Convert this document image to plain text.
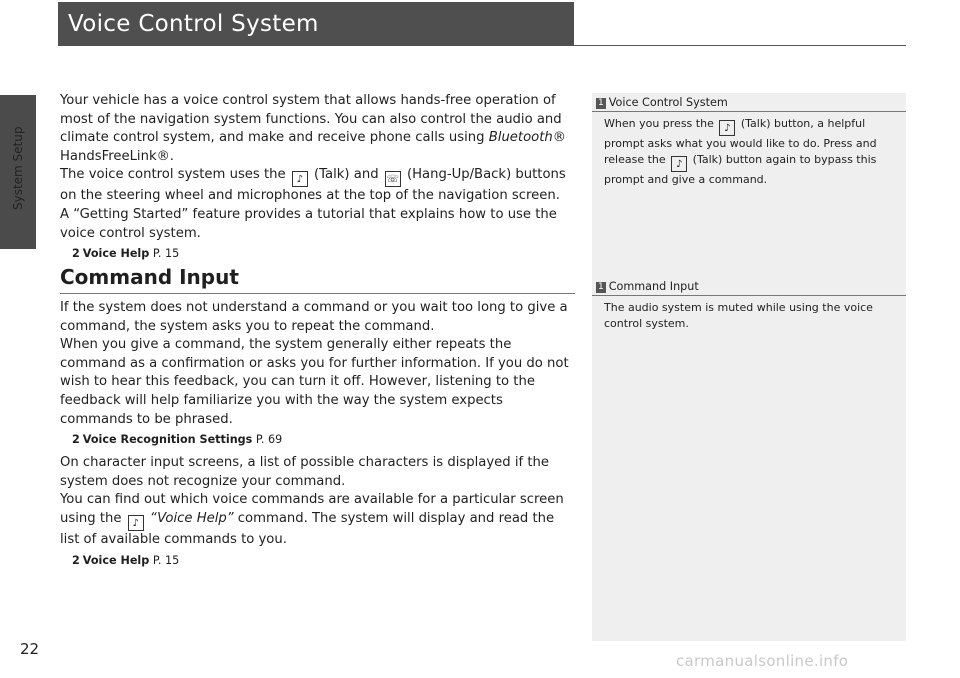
System Setup
Voice Control System

Your vehicle has a voice control system that allows hands-free operation of most of the navigation system functions. You can also control the audio and climate control system, and make and receive phone calls using Bluetooth® HandsFreeLink®.

The voice control system uses the ♪ (Talk) and ☏ (Hang-Up/Back) buttons on the steering wheel and microphones at the top of the navigation screen.

A “Getting Started” feature provides a tutorial that explains how to use the voice control system.

2 Voice Help P. 15
Command Input

If the system does not understand a command or you wait too long to give a command, the system asks you to repeat the command.

When you give a command, the system generally either repeats the command as a confirmation or asks you for further information. If you do not wish to hear this feedback, you can turn it off. However, listening to the feedback will help familiarize you with the way the system expects commands to be phrased.

2 Voice Recognition Settings P. 69

On character input screens, a list of possible characters is displayed if the system does not recognize your command.

You can find out which voice commands are available for a particular screen using the ♪ “Voice Help” command. The system will display and read the list of available commands to you.

2 Voice Help P. 15
1 Voice Control System
When you press the ♪ (Talk) button, a helpful prompt asks what you would like to do. Press and release the ♪ (Talk) button again to bypass this prompt and give a command.
1 Command Input
The audio system is muted while using the voice control system.
22
carmanualsonline.info
